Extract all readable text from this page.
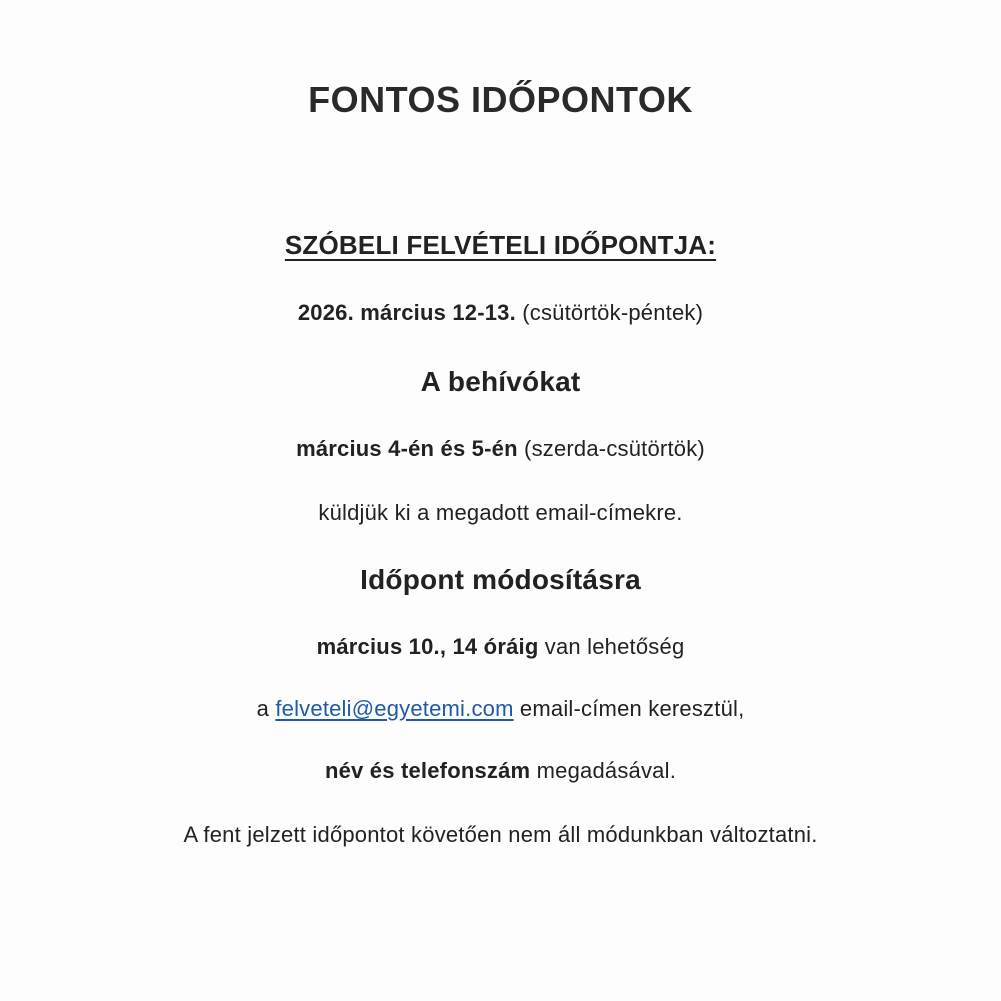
FONTOS IDŐPONTOK
SZÓBELI FELVÉTELI IDŐPONTJA:
2026. március 12-13. (csütörtök-péntek)
A behívókat
március 4-én és 5-én (szerda-csütörtök)
küldjük ki a megadott email-címekre.
Időpont módosításra
március 10., 14 óráig van lehetőség
a felveteli@egyetemi.com email-címen keresztül,
név és telefonszám megadásával.
A fent jelzett időpontot követően nem áll módunkban változtatni.
